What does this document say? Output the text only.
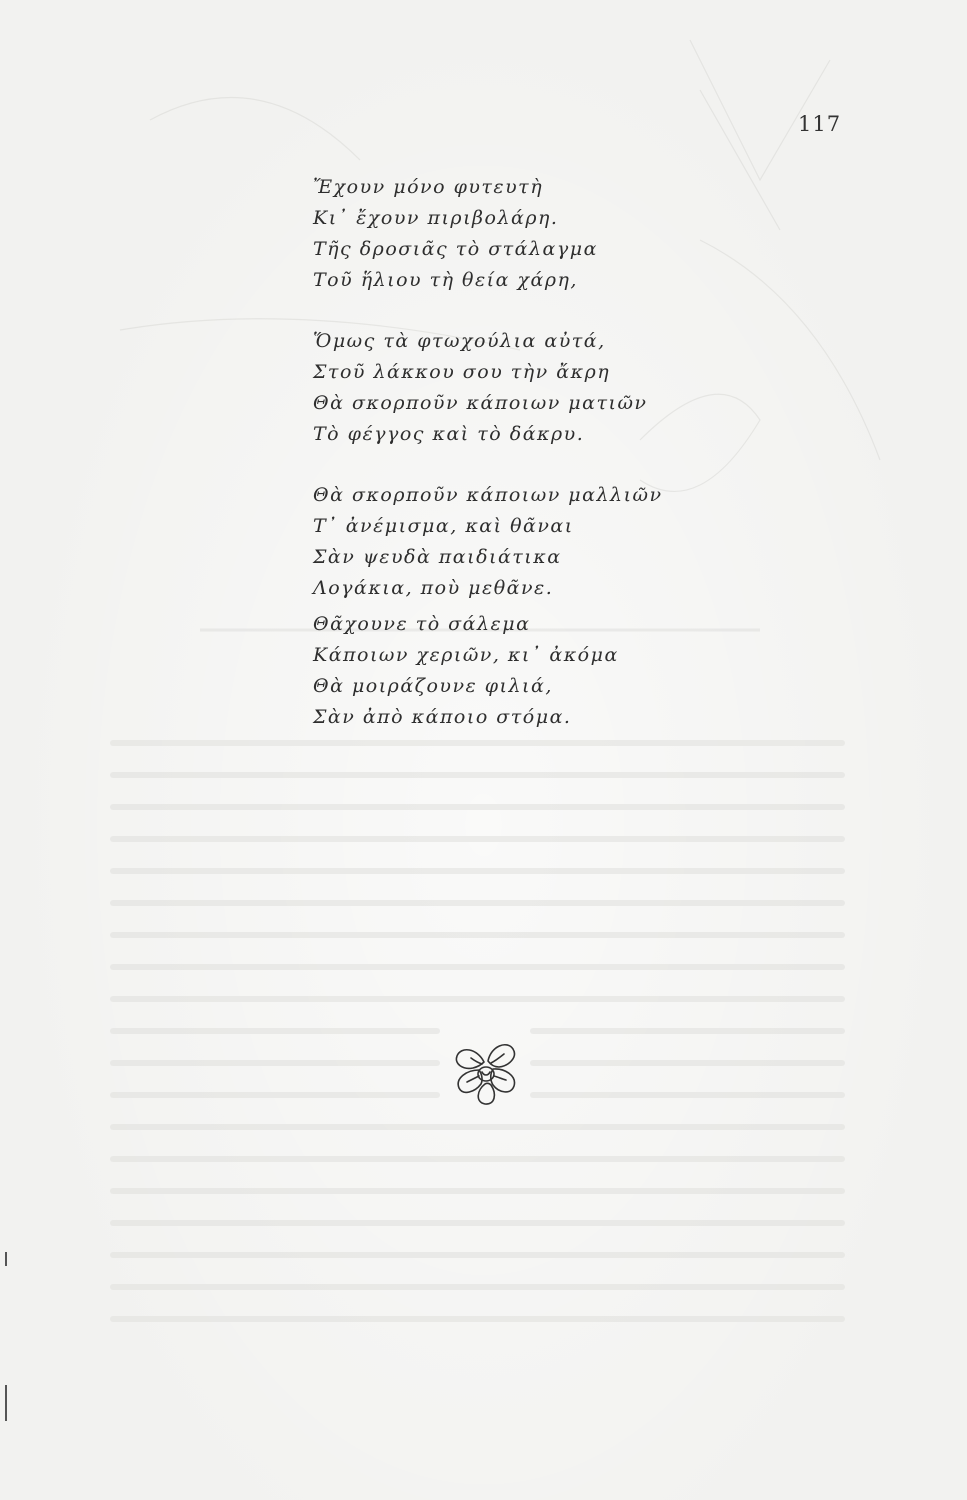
117
Ἔχουν μόνο φυτευτὴ
Κι᾽ ἔχουν πιριβολάρη.
Τῆς δροσιᾶς τὸ στάλαγμα
Τοῦ ἥλιου τὴ θεία χάρη,
Ὅμως τὰ φτωχούλια αὐτά,
Στοῦ λάκκου σου τὴν ἄκρη
Θὰ σκορποῦν κάποιων ματιῶν
Τὸ φέγγος καὶ τὸ δάκρυ.
Θὰ σκορποῦν κάποιων μαλλιῶν
Τ᾽ ἀνέμισμα, καὶ θᾶναι
Σὰν ψευδὰ παιδιάτικα
Λογάκια, ποὺ μεθᾶνε.
Θᾶχουνε τὸ σάλεμα
Κάποιων χεριῶν, κι᾽ ἀκόμα
Θὰ μοιράζουνε φιλιά,
Σὰν ἀπὸ κάποιο στόμα.
